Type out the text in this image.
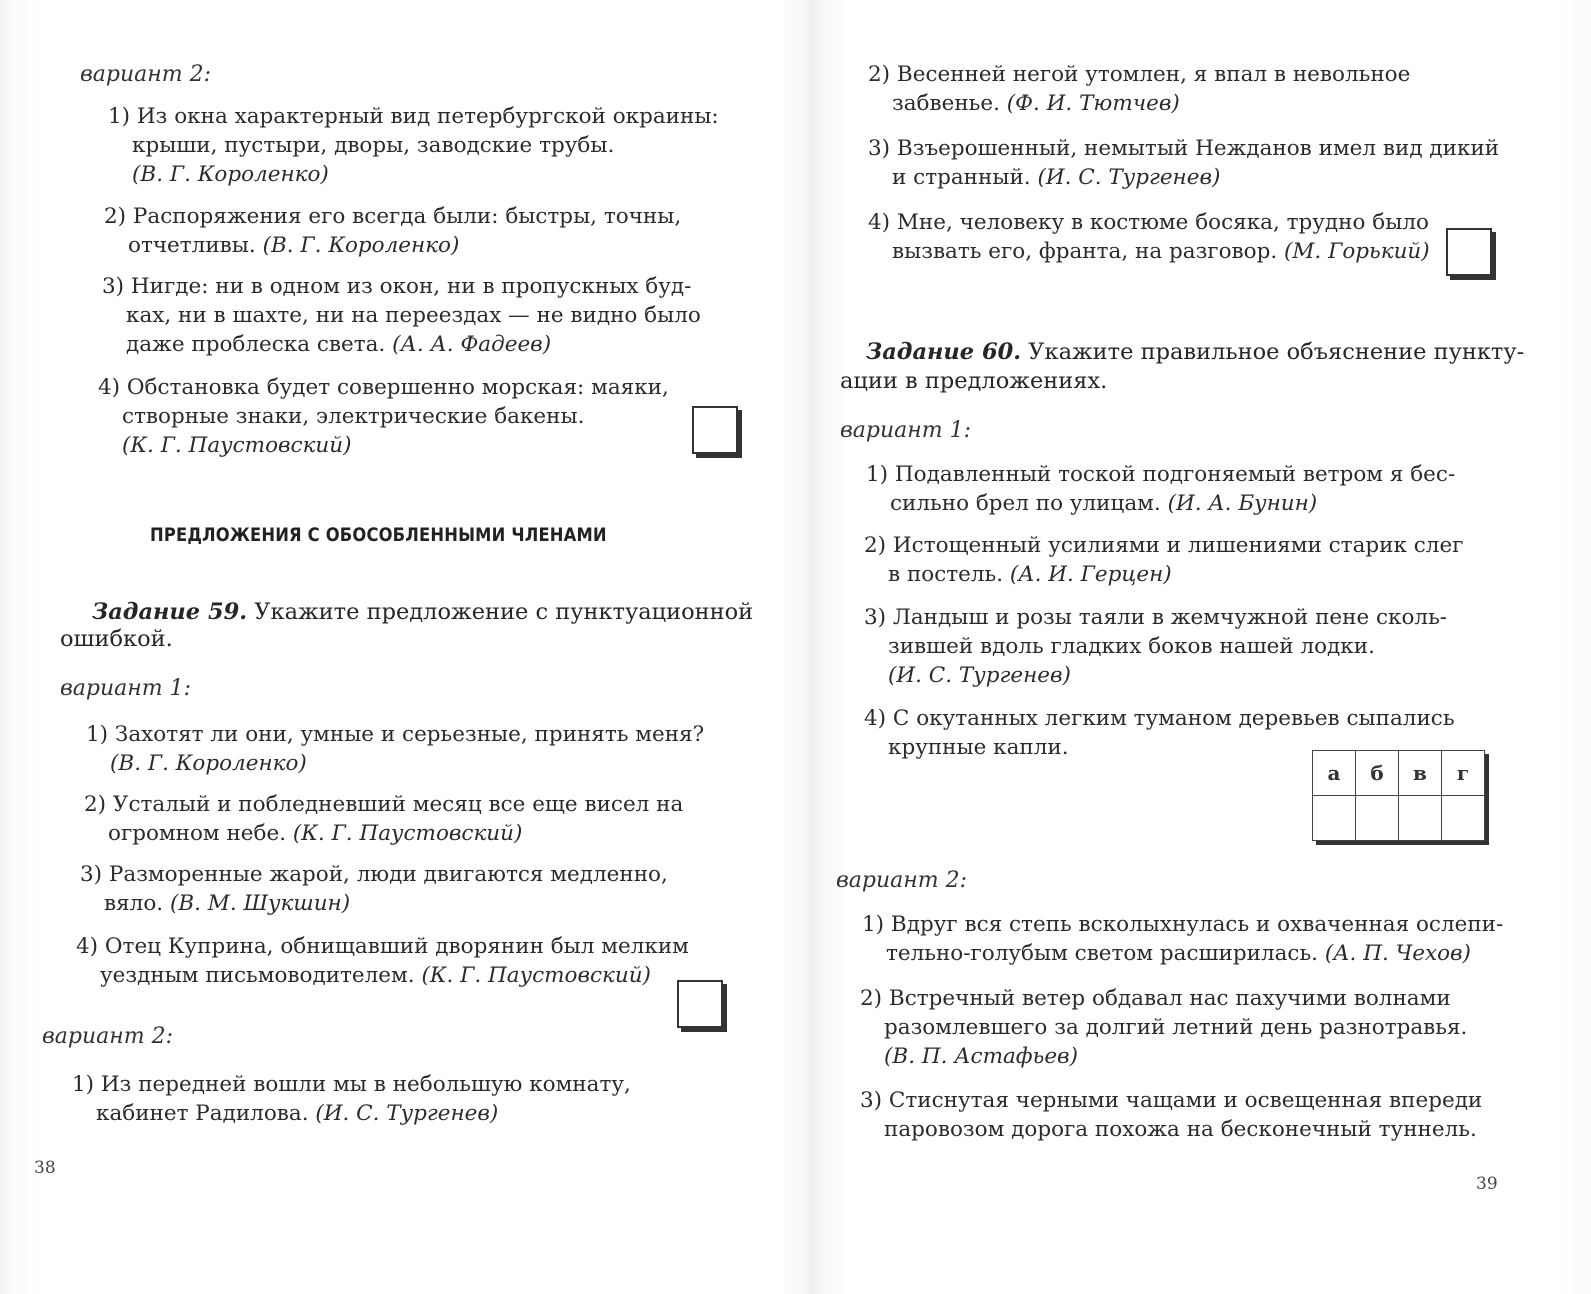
вариант 2:
1) Из окна характерный вид петербургской окраины:
крыши, пустыри, дворы, заводские трубы.
(В. Г. Короленко)
2) Распоряжения его всегда были: быстры, точны,
отчетливы. (В. Г. Короленко)
3) Нигде: ни в одном из окон, ни в пропускных буд-
ках, ни в шахте, ни на переездах — не видно было
даже проблеска света. (А. А. Фадеев)
4) Обстановка будет совершенно морская: маяки,
створные знаки, электрические бакены.
(К. Г. Паустовский)
ПРЕДЛОЖЕНИЯ С ОБОСОБЛЕННЫМИ ЧЛЕНАМИ
Задание 59. Укажите предложение с пунктуационной
ошибкой.
вариант 1:
1) Захотят ли они, умные и серьезные, принять меня?
(В. Г. Короленко)
2) Усталый и побледневший месяц все еще висел на
огромном небе. (К. Г. Паустовский)
3) Разморенные жарой, люди двигаются медленно,
вяло. (В. М. Шукшин)
4) Отец Куприна, обнищавший дворянин был мелким
уездным письмоводителем. (К. Г. Паустовский)
вариант 2:
1) Из передней вошли мы в небольшую комнату,
кабинет Радилова. (И. С. Тургенев)
38
2) Весенней негой утомлен, я впал в невольное
забвенье. (Ф. И. Тютчев)
3) Взъерошенный, немытый Нежданов имел вид дикий
и странный. (И. С. Тургенев)
4) Мне, человеку в костюме босяка, трудно было
вызвать его, франта, на разговор. (М. Горький)
Задание 60. Укажите правильное объяснение пункту-
ации в предложениях.
вариант 1:
1) Подавленный тоской подгоняемый ветром я бес-
сильно брел по улицам. (И. А. Бунин)
2) Истощенный усилиями и лишениями старик слег
в постель. (А. И. Герцен)
3) Ландыш и розы таяли в жемчужной пене сколь-
зившей вдоль гладких боков нашей лодки.
(И. С. Тургенев)
4) С окутанных легким туманом деревьев сыпались
крупные капли.
а	б	в	г

вариант 2:
1) Вдруг вся степь всколыхнулась и охваченная ослепи-
тельно-голубым светом расширилась. (А. П. Чехов)
2) Встречный ветер обдавал нас пахучими волнами
разомлевшего за долгий летний день разнотравья.
(В. П. Астафьев)
3) Стиснутая черными чащами и освещенная впереди
паровозом дорога похожа на бесконечный туннель.
39
